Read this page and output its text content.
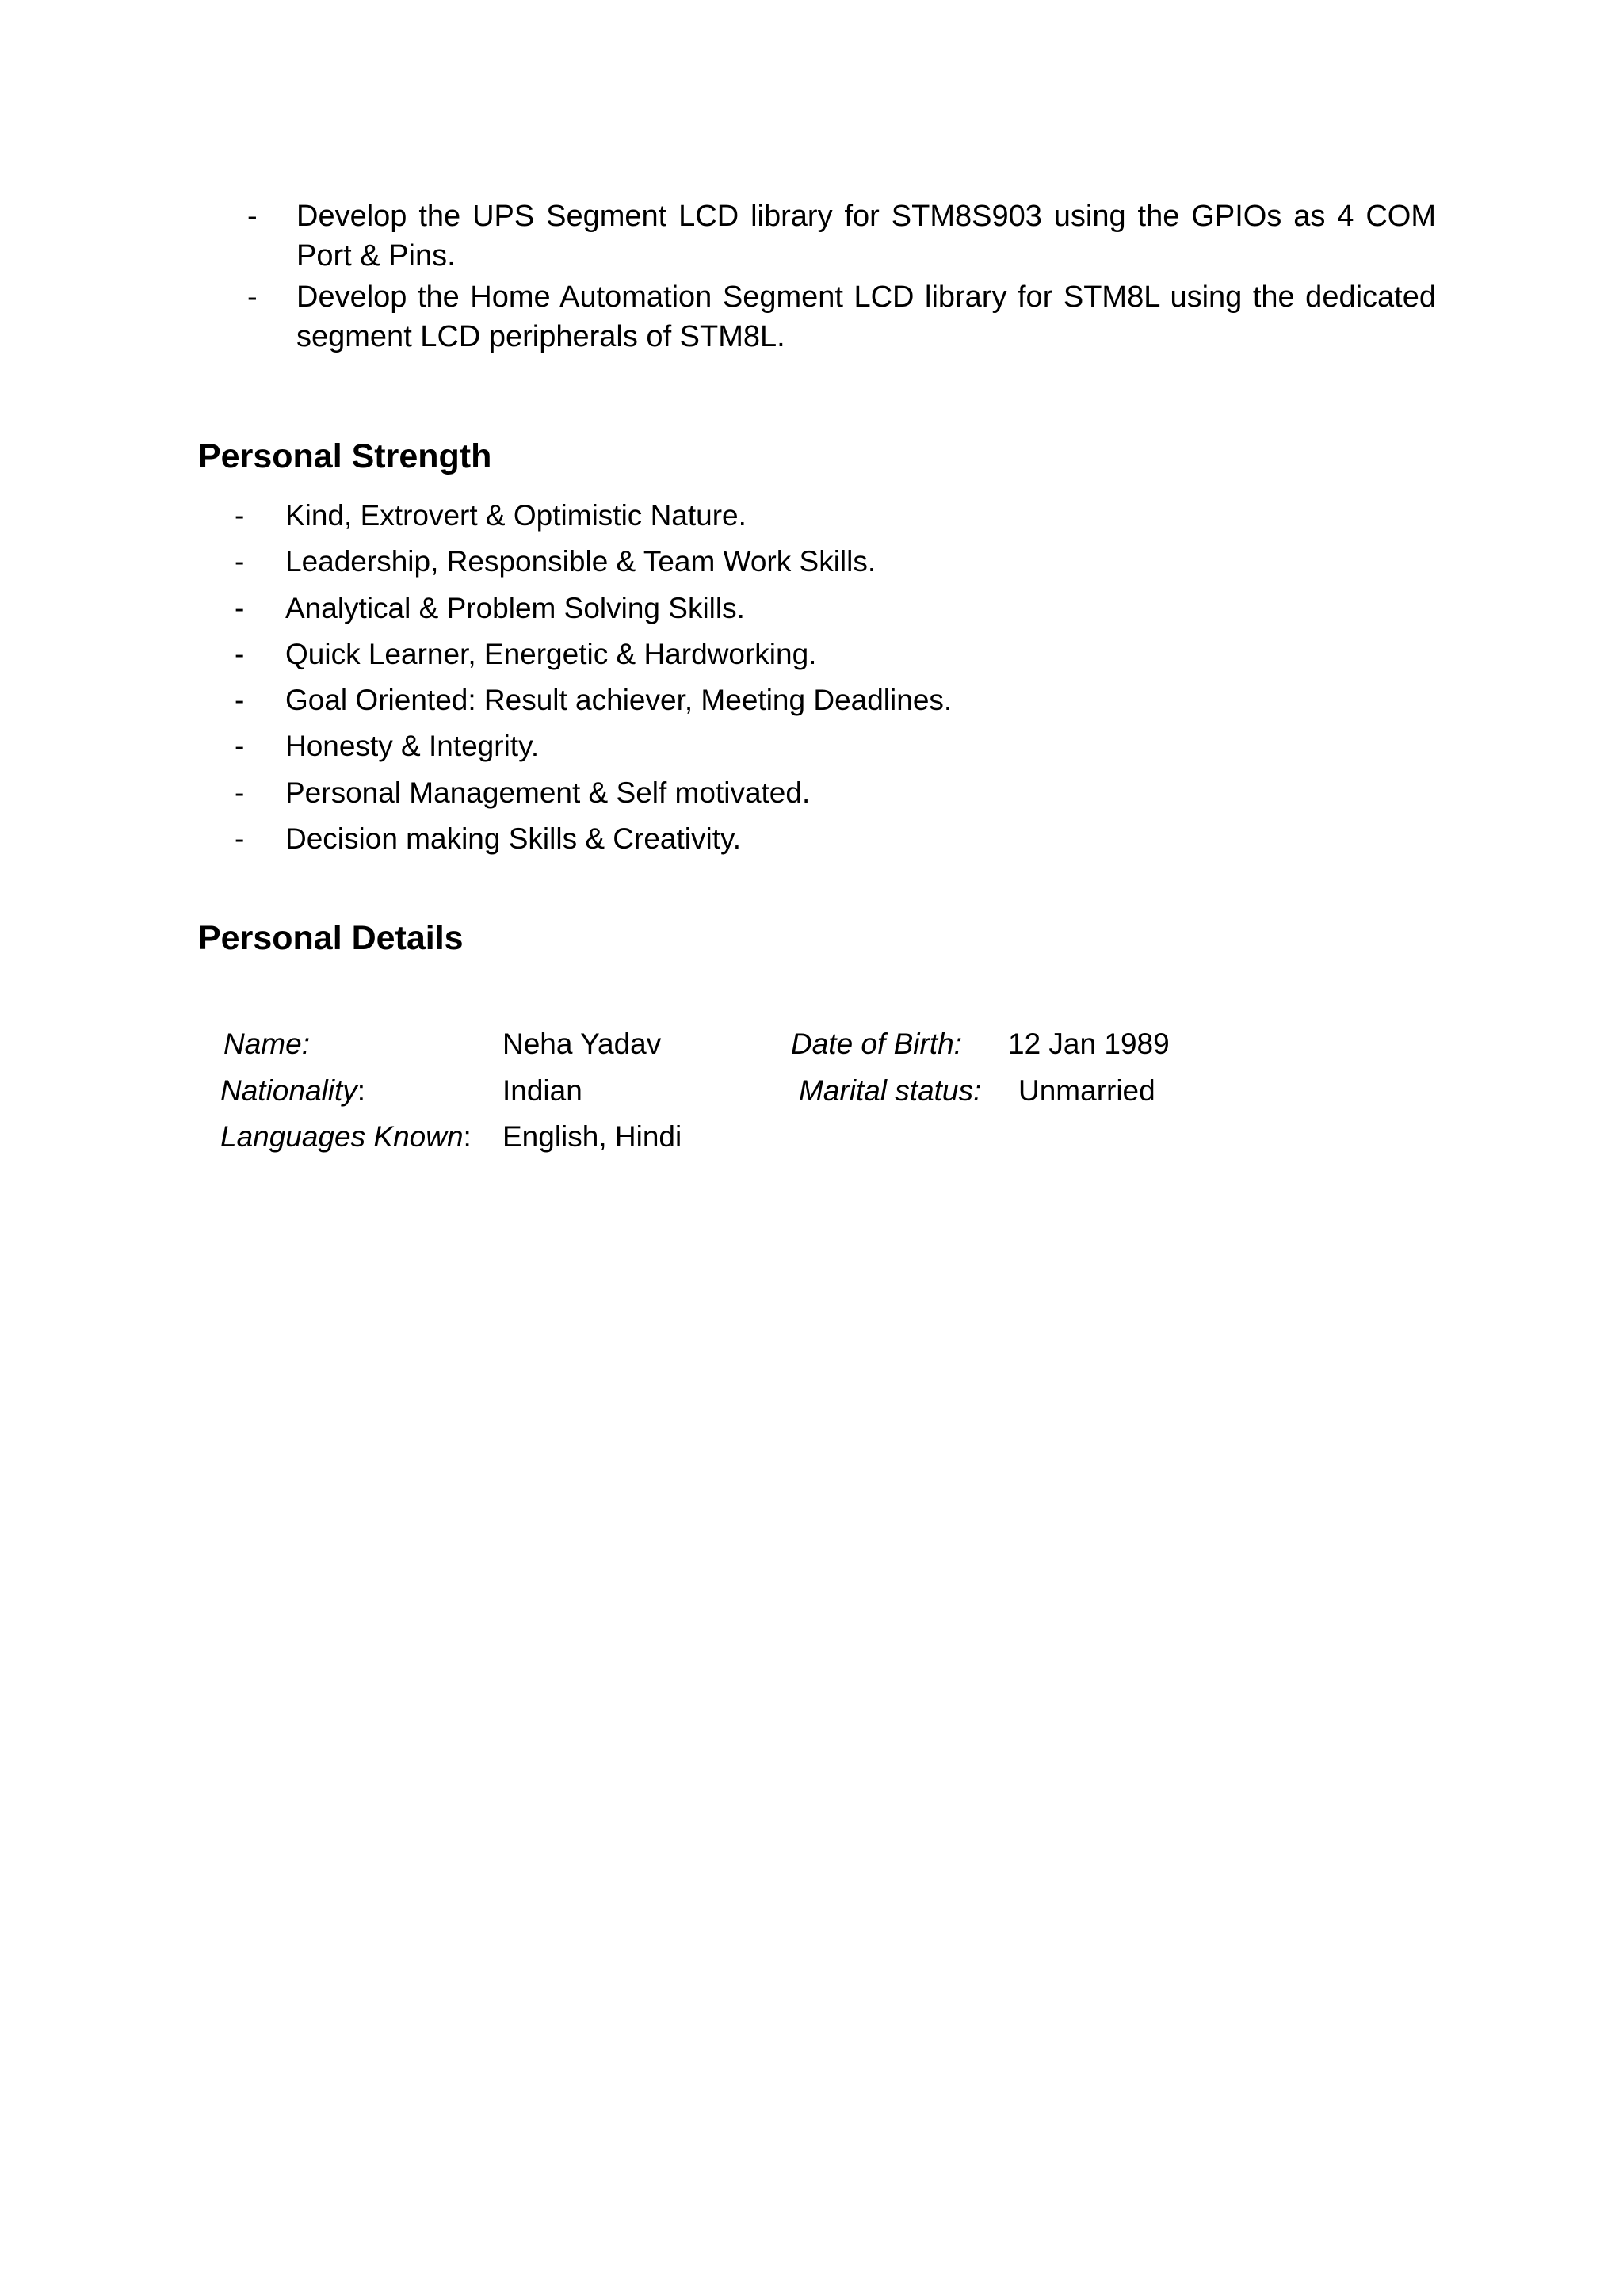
- Develop the UPS Segment LCD library for STM8S903 using the GPIOs as 4 COM Port & Pins.
- Develop the Home Automation Segment LCD library for STM8L using the dedicated segment LCD peripherals of STM8L.
Personal Strength
- Kind, Extrovert & Optimistic Nature.
- Leadership, Responsible & Team Work Skills.
- Analytical & Problem Solving Skills.
- Quick Learner, Energetic & Hardworking.
- Goal Oriented: Result achiever, Meeting Deadlines.
- Honesty & Integrity.
- Personal Management & Self motivated.
- Decision making Skills & Creativity.
Personal Details
Name:	Neha Yadav	Date of Birth: 12 Jan 1989
Nationality:	Indian	Marital status: Unmarried
Languages Known: English, Hindi
